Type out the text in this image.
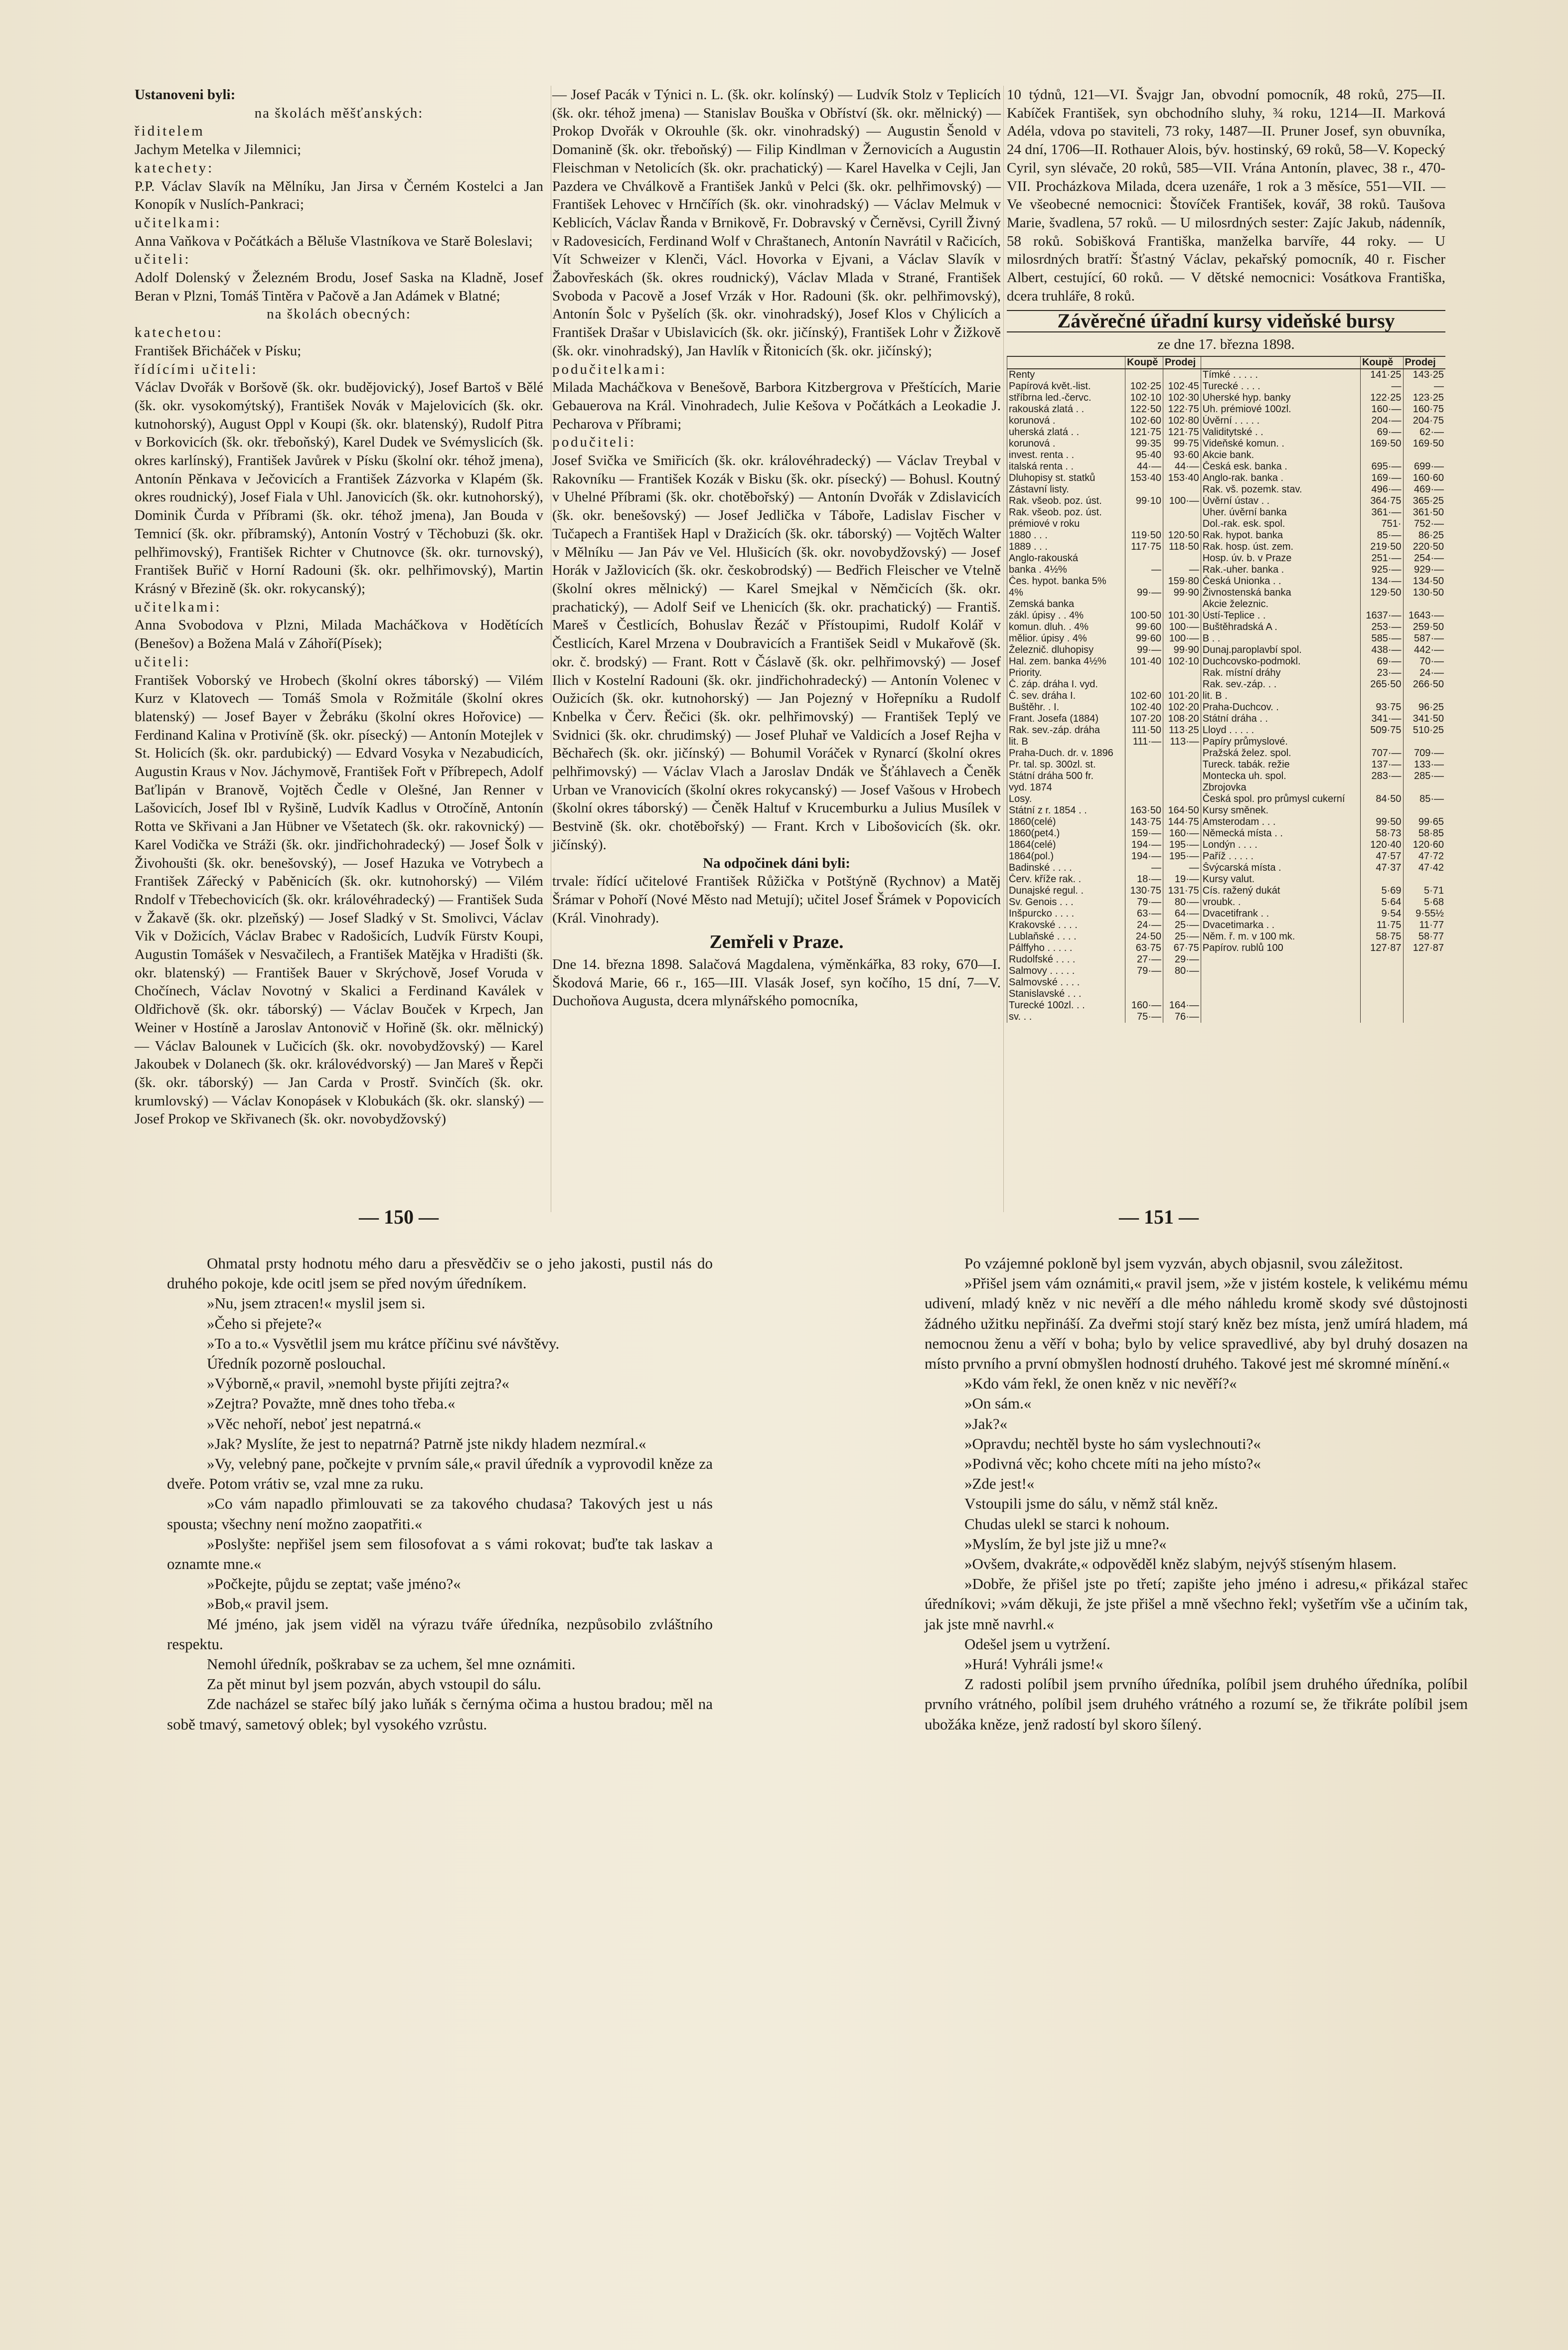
Ustanoveni byli:

na školách měšťanských:

řiditelem

Jachym Metelka v Jilemnici;

katechety:

P.P. Václav Slavík na Mělníku, Jan Jirsa v Černém Kostelci a Jan Konopík v Nuslích-Pankraci;

učitelkami:

Anna Vaňkova v Počátkách a Běluše Vlastníkova ve Starě Boleslavi;

učiteli:

Adolf Dolenský v Železném Brodu, Josef Saska na Kladně, Josef Beran v Plzni, Tomáš Tintěra v Pačově a Jan Adámek v Blatné;

na školách obecných:

katechetou:

František Břicháček v Písku;

řídícími učiteli:

Václav Dvořák v Boršově (šk. okr. budějovický), Josef Bartoš v Bělé (šk. okr. vysokomýtský), František Novák v Majelovicích (šk. okr. kutnohorský), August Oppl v Koupi (šk. okr. blatenský), Rudolf Pitra v Borkovicích (šk. okr. třeboňský), Karel Dudek ve Svémyslicích (šk. okres karlínský), František Javůrek v Písku (školní okr. téhož jmena), Antonín Pěnkava v Ječovicích a František Zázvorka v Klapém (šk. okres roudnický), Josef Fiala v Uhl. Janovicích (šk. okr. kutnohorský), Dominik Čurda v Příbrami (šk. okr. téhož jmena), Jan Bouda v Temnicí (šk. okr. příbramský), Antonín Vostrý v Těchobuzi (šk. okr. pelhřimovský), František Richter v Chutnovce (šk. okr. turnovský), František Buřič v Horní Radouni (šk. okr. pelhřimovský), Martin Krásný v Březině (šk. okr. rokycanský);

učitelkami:

Anna Svobodova v Plzni, Milada Macháčkova v Hodětících (Benešov) a Božena Malá v Záhoří(Písek);

učiteli:

František Voborský ve Hrobech (školní okres táborský) — Vilém Kurz v Klatovech — Tomáš Smola v Rožmitále (školní okres blatenský) — Josef Bayer v Žebráku (školní okres Hořovice) — Ferdinand Kalina v Protivíně (šk. okr. písecký) — Antonín Motejlek v St. Holicích (šk. okr. pardubický) — Edvard Vosyka v Nezabudicích, Augustin Kraus v Nov. Jáchymově, František Fořt v Příbrepech, Adolf Baťlipán v Branově, Vojtěch Čedle v Olešné, Jan Renner v Lašovicích, Josef Ibl v Ryšině, Ludvík Kadlus v Otročíně, Antonín Rotta ve Skřivani a Jan Hübner ve Všetatech (šk. okr. rakovnický) — Karel Vodička ve Stráži (šk. okr. jindřichohradecký) — Josef Šolk v Živohoušti (šk. okr. benešovský), — Josef Hazuka ve Votrybech a František Zářecký v Paběnicích (šk. okr. kutnohorský) — Vilém Rndolf v Třebechovicích (šk. okr. královéhradecký) — František Suda v Žakavě (šk. okr. plzeňský) — Josef Sladký v St. Smolivci, Václav Vik v Dožicích, Václav Brabec v Radošicích, Ludvík Fürstv Koupi, Augustin Tomášek v Nesvačilech, a František Matějka v Hradišti (šk. okr. blatenský) — František Bauer v Skrýchově, Josef Voruda v Chočínech, Václav Novotný v Skalici a Ferdinand Kaválek v Oldřichově (šk. okr. táborský) — Václav Bouček v Krpech, Jan Weiner v Hostíně a Jaroslav Antonovič v Hořině (šk. okr. mělnický) — Václav Balounek v Lučicích (šk. okr. novobydžovský) — Karel Jakoubek v Dolanech (šk. okr. královédvorský) — Jan Mareš v Řepči (šk. okr. táborský) — Jan Carda v Prostř. Svinčích (šk. okr. krumlovský) — Václav Konopásek v Klobukách (šk. okr. slanský) — Josef Prokop ve Skřivanech (šk. okr. novobydžovský)

— Josef Pacák v Týnici n. L. (šk. okr. kolínský) — Ludvík Stolz v Teplicích (šk. okr. téhož jmena) — Stanislav Bouška v Obříství (šk. okr. mělnický) — Prokop Dvořák v Okrouhle (šk. okr. vinohradský) — Augustin Šenold v Domanině (šk. okr. třeboňský) — Filip Kindlman v Žernovicích a Augustin Fleischman v Netolicích (šk. okr. prachatický) — Karel Havelka v Cejli, Jan Pazdera ve Chválkově a František Janků v Pelci (šk. okr. pelhřimovský) — František Lehovec v Hrnčířích (šk. okr. vinohradský) — Václav Melmuk v Keblicích, Václav Řanda v Brnikově, Fr. Dobravský v Černěvsi, Cyrill Živný v Radovesicích, Ferdinand Wolf v Chraštanech, Antonín Navrátil v Račicích, Vít Schweizer v Klenči, Václ. Hovorka v Ejvani, a Václav Slavík v Žabovřeskách (šk. okres roudnický), Václav Mlada v Strané, František Svoboda v Pacově a Josef Vrzák v Hor. Radouni (šk. okr. pelhřimovský), Antonín Šolc v Pyšelích (šk. okr. vinohradský), Josef Klos v Chýlicích a František Drašar v Ubislavicích (šk. okr. jičínský), František Lohr v Žižkově (šk. okr. vinohradský), Jan Havlík v Řitonicích (šk. okr. jičínský);

podučitelkami:

Milada Macháčkova v Benešově, Barbora Kitzbergrova v Přeštících, Marie Gebauerova na Král. Vinohradech, Julie Kešova v Počátkách a Leokadie J. Pecharova v Příbrami;

podučiteli:

Josef Svička ve Smiřicích (šk. okr. královéhradecký) — Václav Treybal v Rakovníku — František Kozák v Bisku (šk. okr. písecký) — Bohusl. Koutný v Uhelné Příbrami (šk. okr. chotěbořský) — Antonín Dvořák v Zdislavicích (šk. okr. benešovský) — Josef Jedlička v Táboře, Ladislav Fischer v Tučapech a František Hapl v Dražicích (šk. okr. táborský) — Vojtěch Walter v Mělníku — Jan Páv ve Vel. Hlušicích (šk. okr. novobydžovský) — Josef Horák v Jažlovicích (šk. okr. českobrodský) — Bedřich Fleischer ve Vtelně (školní okres mělnický) — Karel Smejkal v Němčicích (šk. okr. prachatický), — Adolf Seif ve Lhenicích (šk. okr. prachatický) — Františ. Mareš v Čestlicích, Bohuslav Řezáč v Přístoupimi, Rudolf Kolář v Čestlicích, Karel Mrzena v Doubravicích a František Seidl v Mukařově (šk. okr. č. brodský) — Frant. Rott v Čáslavě (šk. okr. pelhřimovský) — Josef Ilich v Kostelní Radouni (šk. okr. jindřichohradecký) — Antonín Volenec v Oužicích (šk. okr. kutnohorský) — Jan Pojezný v Hořepníku a Rudolf Knbelka v Červ. Řečici (šk. okr. pelhřimovský) — František Teplý ve Svidnici (šk. okr. chrudimský) — Josef Pluhař ve Valdicích a Josef Rejha v Běchařech (šk. okr. jičínský) — Bohumil Voráček v Rynarcí (školní okres pelhřimovský) — Václav Vlach a Jaroslav Dndák ve Šťáhlavech a Čeněk Urban ve Vranovicích (školní okres rokycanský) — Josef Vašous v Hrobech (školní okres táborský) — Čeněk Haltuf v Krucemburku a Julius Musílek v Bestvině (šk. okr. chotěbořský) — Frant. Krch v Libošovicích (šk. okr. jičínský).

Na odpočinek dáni byli:

trvale: řídící učitelové František Růžička v Potštýně (Rychnov) a Matěj Šrámar v Pohoří (Nové Město nad Metují); učitel Josef Šrámek v Popovicích (Král. Vinohrady).

Zemřeli v Praze.

Dne 14. března 1898. Salačová Magdalena, výměnkářka, 83 roky, 670—I. Škodová Marie, 66 r., 165—III. Vlasák Josef, syn kočího, 15 dní, 7—V. Duchoňova Augusta, dcera mlynářského pomocníka,

10 týdnů, 121—VI. Švajgr Jan, obvodní pomocník, 48 roků, 275—II. Kabíček František, syn obchodního sluhy, ¾ roku, 1214—II. Marková Adéla, vdova po staviteli, 73 roky, 1487—II. Pruner Josef, syn obuvníka, 24 dní, 1706—II. Rothauer Alois, býv. hostinský, 69 roků, 58—V. Kopecký Cyril, syn slévače, 20 roků, 585—VII. Vrána Antonín, plavec, 38 r., 470-VII. Procházkova Milada, dcera uzenáře, 1 rok a 3 měsíce, 551—VII. — Ve všeobecné nemocnici: Štovíček František, kovář, 38 roků. Taušova Marie, švadlena, 57 roků. — U milosrdných sester: Zajíc Jakub, nádenník, 58 roků. Sobišková Františka, manželka barvíře, 44 roky. — U milosrdných bratří: Šťastný Václav, pekařský pomocník, 40 r. Fischer Albert, cestující, 60 roků. — V dětské nemocnici: Vosátkova Františka, dcera truhláře, 8 roků.

Závěrečné úřadní kursy videňské bursy
ze dne 17. března 1898.
	Koupě	Prodej		Koupě	Prodej
Renty			Tímké . . . . .	141·25	143·25
Papírová květ.-list.	102·25	102·45	Turecké . . . .	—	—
stříbrna led.-červc.	102·10	102·30	Uherské hyp. banky	122·25	123·25
rakouská zlatá . .	122·50	122·75	Uh. prémiové 100zl.	160·—	160·75
korunová .	102·60	102·80	Úvěrní . . . . .	204·—	204·75
uherská zlatá . .	121·75	121·75	Validitytské . .	69·—	62·—
korunová .	99·35	99·75	Videňské komun. .	169·50	169·50
invest. renta . .	95·40	93·60	Akcie bank.		
italská renta . .	44·—	44·—	Česká esk. banka .	695·—	699·—
Dluhopisy st. statků	153·40	153·40	Anglo-rak. banka .	169·—	160·60
Zástavní listy.			Rak. vš. pozemk. stav.	496·—	469·—
Rak. všeob. poz. úst.	99·10	100·—	Úvěrní ústav . .	364·75	365·25
Rak. všeob. poz. úst.			Uher. úvěrní banka	361·—	361·50
prémiové v roku			Dol.-rak. esk. spol.	751·	752·—
1880 . . .	119·50	120·50	Rak. hypot. banka	85·—	86·25
1889 . . .	117·75	118·50	Rak. hosp. úst. zem.	219·50	220·50
Anglo-rakouská			Hosp. úv. b. v Praze	251·—	254·—
banka . 4½%	—	—	Rak.-uher. banka .	925·—	929·—
Čes. hypot. banka 5%		159·80	Česká Unionka . .	134·—	134·50
4%	99·—	99·90	Živnostenská banka	129·50	130·50
Zemská banka			Akcie železnic.		
zákl. úpisy . . 4%	100·50	101·30	Ústí-Teplice . .	1637·—	1643·—
komun. dluh. . 4%	99·60	100·—	Buštěhradská A .	253·—	259·50
mělior. úpisy . 4%	99·60	100·—	B . .	585·—	587·—
Železnič. dluhopisy	99·—	99·90	Dunaj.paroplavbí spol.	438·—	442·—
Hal. zem. banka 4½%	101·40	102·10	Duchcovsko-podmokl.	69·—	70·—
Priority.			Rak. místní dráhy	23·—	24·—
Č. záp. dráha I. vyd.			Rak. sev.-záp. . .	265·50	266·50
Č. sev. dráha I.	102·60	101·20	lit. B .		
Buštěhr. . I.	102·40	102·20	Praha-Duchcov. .	93·75	96·25
Frant. Josefa (1884)	107·20	108·20	Státní dráha . .	341·—	341·50
Rak. sev.-záp. dráha	111·50	113·25	Lloyd . . . . .	509·75	510·25
lit. B	111·—	113·—	Papíry průmyslové.		
Praha-Duch. dr. v. 1896			Pražská želez. spol.	707·—	709·—
Pr. tal. sp. 300zl. st.			Tureck. tabák. režie	137·—	133·—
Státní dráha 500 fr.			Montecka uh. spol.	283·—	285·—
vyd. 1874			Zbrojovka		
Losy.			Česká spol. pro průmysl cukerní	84·50	85·—
Státní z r. 1854 . .	163·50	164·50	Kursy směnek.		
1860(celé)	143·75	144·75	Amsterodam . . .	99·50	99·65
1860(pet4.)	159·—	160·—	Německá místa . .	58·73	58·85
1864(celé)	194·—	195·—	Londýn . . . .	120·40	120·60
1864(pol.)	194·—	195·—	Paříž . . . . .	47·57	47·72
Badinské . . . .	—	—	Švýcarská místa .	47·37	47·42
Červ. kříže rak. .	18·—	19·—	Kursy valut.		
Dunajské regul. .	130·75	131·75	Cís. ražený dukát	5·69	5·71
Sv. Genois . . .	79·—	80·—	vroubk. .	5·64	5·68
Inšpurcko . . . .	63·—	64·—	Dvacetifrank . .	9·54	9·55½
Krakovské . . . .	24·—	25·—	Dvacetimarka . .	11·75	11·77
Lublaňské . . . .	24·50	25·—	Něm. ř. m. v 100 mk.	58·75	58·77
Pálffyho . . . . .	63·75	67·75	Papírov. rublů 100	127·87	127·87
Rudolfské . . . .	27·—	29·—			
Salmovy . . . . .	79·—	80·—			
Salmovské . . . .					
Stanislavské . . .					
Turecké 100zl. . .	160·—	164·—			
sv. . .	75·—	76·—			
— 150 —	— 151 —

Ohmatal prsty hodnotu mého daru a přesvědčiv se o jeho jakosti, pustil nás do druhého pokoje, kde ocitl jsem se před novým úředníkem.

»Nu, jsem ztracen!« myslil jsem si.

»Čeho si přejete?«

»To a to.« Vysvětlil jsem mu krátce příčinu své návštěvy.

Úředník pozorně poslouchal.

»Výborně,« pravil, »nemohl byste přijíti zejtra?«

»Zejtra? Považte, mně dnes toho třeba.«

»Věc nehoří, neboť jest nepatrná.«

»Jak? Myslíte, že jest to nepatrná? Patrně jste nikdy hladem nezmíral.«

»Vy, velebný pane, počkejte v prvním sále,« pravil úředník a vyprovodil kněze za dveře. Potom vrátiv se, vzal mne za ruku.

»Co vám napadlo přimlouvati se za takového chudasa? Takových jest u nás spousta; všechny není možno zaopatřiti.«

»Poslyšte: nepřišel jsem sem filosofovat a s vámi rokovat; buďte tak laskav a oznamte mne.«

»Počkejte, půjdu se zeptat; vaše jméno?«

»Bob,« pravil jsem.

Mé jméno, jak jsem viděl na výrazu tváře úředníka, nezpůsobilo zvláštního respektu.

Nemohl úředník, poškrabav se za uchem, šel mne oznámiti.

Za pět minut byl jsem pozván, abych vstoupil do sálu.

Zde nacházel se stařec bílý jako luňák s černýma očima a hustou bradou; měl na sobě tmavý, sametový oblek; byl vysokého vzrůstu.

Po vzájemné pokloně byl jsem vyzván, abych objasnil, svou záležitost.

»Přišel jsem vám oznámiti,« pravil jsem, »že v jistém kostele, k velikému mému udivení, mladý kněz v nic nevěří a dle mého náhledu kromě skody své důstojnosti žádného užitku nepřináší. Za dveřmi stojí starý kněz bez místa, jenž umírá hladem, má nemocnou ženu a věří v boha; bylo by velice spravedlivé, aby byl druhý dosazen na místo prvního a první obmyšlen hodností druhého. Takové jest mé skromné mínění.«

»Kdo vám řekl, že onen kněz v nic nevěří?«

»On sám.«

»Jak?«

»Opravdu; nechtěl byste ho sám vyslechnouti?«

»Podivná věc; koho chcete míti na jeho místo?«

»Zde jest!«

Vstoupili jsme do sálu, v němž stál kněz.

Chudas ulekl se starci k nohoum.

»Myslím, že byl jste již u mne?«

»Ovšem, dvakráte,« odpověděl kněz slabým, nejvýš stíseným hlasem.

»Dobře, že přišel jste po třetí; zapište jeho jméno i adresu,« přikázal stařec úředníkovi; »vám děkuji, že jste přišel a mně všechno řekl; vyšetřím vše a učiním tak, jak jste mně navrhl.«

Odešel jsem u vytržení.

»Hurá! Vyhráli jsme!«

Z radosti políbil jsem prvního úředníka, políbil jsem druhého úředníka, políbil prvního vrátného, políbil jsem druhého vrátného a rozumí se, že třikráte políbil jsem ubožáka kněze, jenž radostí byl skoro šílený.
